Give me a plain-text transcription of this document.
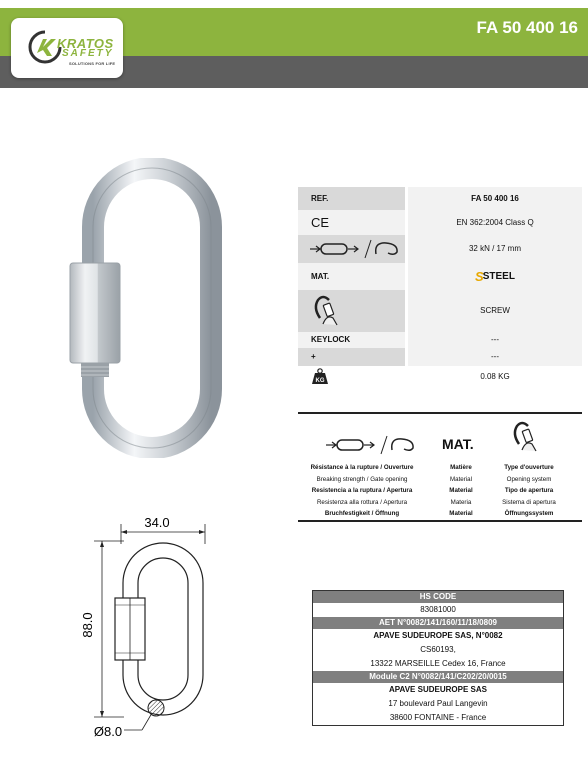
KRATOS
SAFETY
SOLUTIONS FOR LIFE
FA 50 400 16
REF.	FA 50 400 16
CE	EN 362:2004 Class Q
32 kN / 17 mm
MAT.	S STEEL
SCREW
KEYLOCK	---
+	---
KG
0.08 KG
MAT.
Résistance à la rupture / Ouverture
Breaking strength / Gate opening
Resistencia a la ruptura / Apertura
Resistenza alla rottura / Apertura
Bruchfestigkeit / Öffnung
Matière
Material
Material
Materia
Material
Type d'ouverture
Opening system
Tipo de apertura
Sistema di apertura
Öffnungssystem
34.0
88.0
Ø8.0
HS CODE
83081000
AET N°0082/141/160/11/18/0809
APAVE SUDEUROPE SAS, N°0082
CS60193,
13322 MARSEILLE Cedex 16, France
Module C2 N°0082/141/C202/20/0015
APAVE SUDEUROPE SAS
17 boulevard Paul Langevin
38600 FONTAINE - France
